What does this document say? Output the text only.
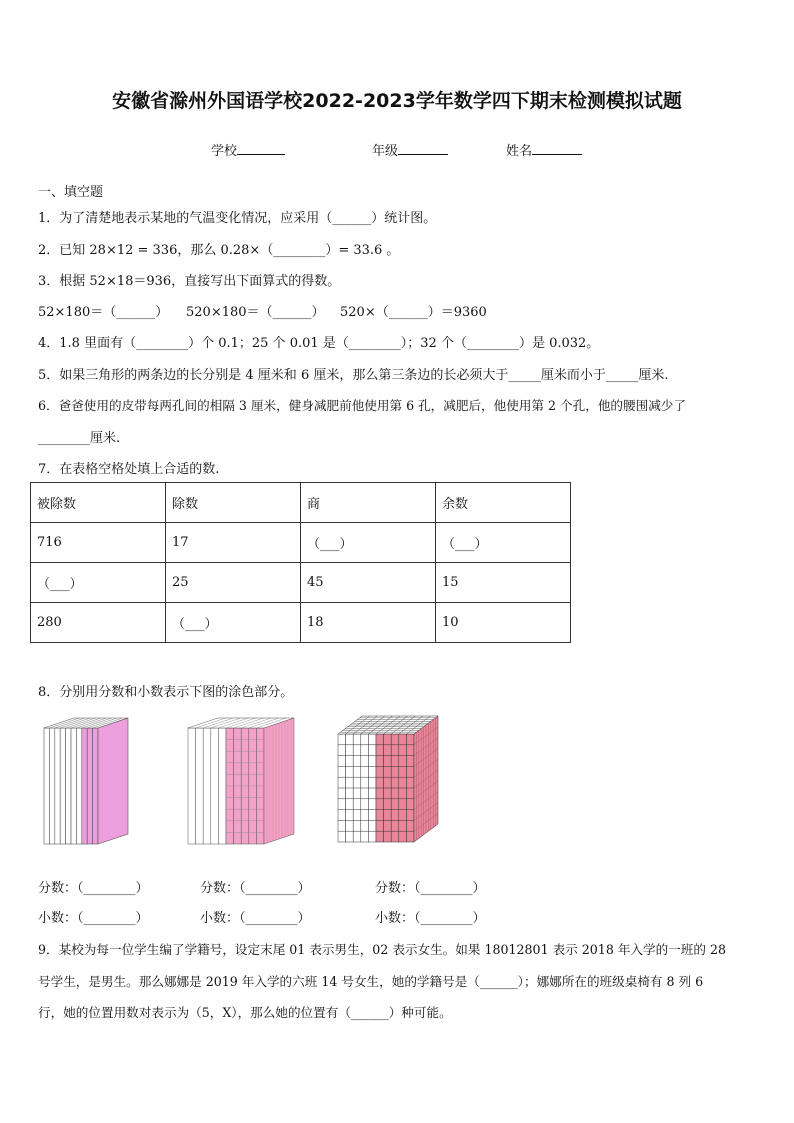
安徽省滁州外国语学校2022-2023学年数学四下期末检测模拟试题
学校	年级	姓名
一、填空题
1．为了清楚地表示某地的气温变化情况，应采用（______）统计图。
2．已知 28×12 = 336，那么 0.28×（________）= 33.6 。
3．根据 52×18＝936，直接写出下面算式的得数。
52×180＝（______） 520×180＝（______） 520×（______）＝9360
4．1.8 里面有（________）个 0.1；25 个 0.01 是（________）；32 个（________）是 0.032。
5．如果三角形的两条边的长分别是 4 厘米和 6 厘米，那么第三条边的长必须大于_____厘米而小于_____厘米.
6．爸爸使用的皮带每两孔间的相隔 3 厘米，健身减肥前他使用第 6 孔，减肥后，他使用第 2 个孔，他的腰围减少了
________厘米.
7．在表格空格处填上合适的数.
被除数	除数	商	余数
716	17	（___）	（___）
（___）	25	45	15
280	（___）	18	10
8．分别用分数和小数表示下图的涂色部分。
分数：（________）	分数：（________）	分数：（________）
小数：（________）	小数：（________）	小数：（________）
9．某校为每一位学生编了学籍号，设定末尾 01 表示男生，02 表示女生。如果 18012801 表示 2018 年入学的一班的 28
号学生，是男生。那么娜娜是 2019 年入学的六班 14 号女生，她的学籍号是（______）；娜娜所在的班级桌椅有 8 列 6
行，她的位置用数对表示为（5，X），那么她的位置有（______）种可能。
